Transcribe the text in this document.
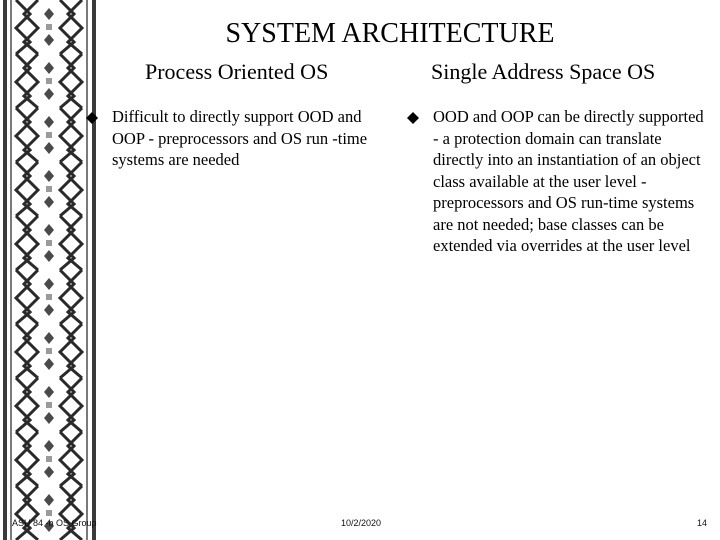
SYSTEM ARCHITECTURE
Process Oriented OS	Single Address Space OS
Difficult to directly support OOD and OOP - preprocessors and OS run -time systems are needed
OOD and OOP can be directly supported - a protection domain can translate directly into an instantiation of an object class available at the user level - preprocessors and OS run-time systems are not needed; base classes can be extended via overrides at the user level
ASU 84 -b OS Group	10/2/2020	14
